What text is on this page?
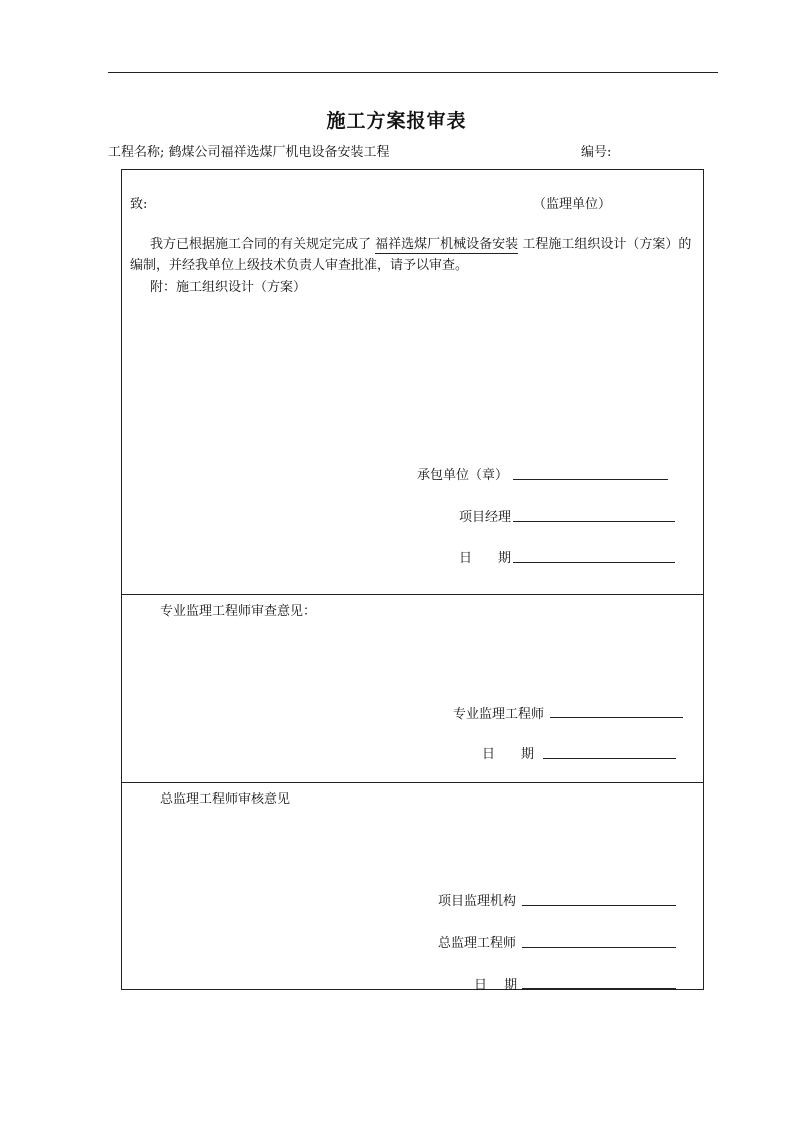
施工方案报审表
工程名称; 鹤煤公司福祥选煤厂机电设备安装工程	编号:
致:	（监理单位）
我方已根据施工合同的有关规定完成了 福祥选煤厂机械设备安装 工程施工组织设计（方案）的编制，并经我单位上级技术负责人审查批准，请予以审查。
附：施工组织设计（方案）
承包单位（章）
项目经理
日　　期
专业监理工程师审查意见：
专业监理工程师
日　　期
总监理工程师审核意见
项目监理机构
总监理工程师
日　 期
